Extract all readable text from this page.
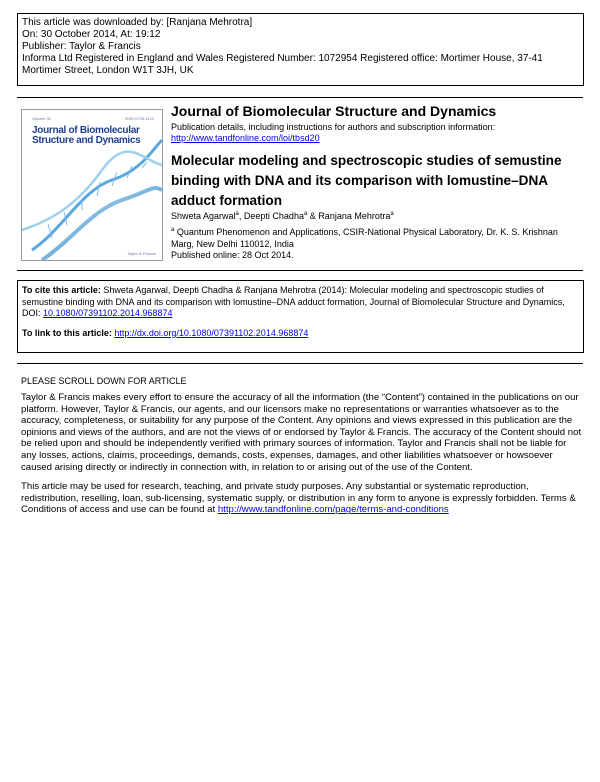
This article was downloaded by: [Ranjana Mehrotra]
On: 30 October 2014, At: 19:12
Publisher: Taylor & Francis
Informa Ltd Registered in England and Wales Registered Number: 1072954 Registered office: Mortimer House, 37-41 Mortimer Street, London W1T 3JH, UK
Volume 32	ISSN 0739-1102
Journal of Biomolecular
Structure and Dynamics
Taylor & Francis
Journal of Biomolecular Structure and Dynamics
Publication details, including instructions for authors and subscription information: http://www.tandfonline.com/loi/tbsd20
Molecular modeling and spectroscopic studies of semustine binding with DNA and its comparison with lomustine–DNA adduct formation
Shweta Agarwal$^a$, Deepti Chadha$^a$ & Ranjana Mehrotra$^a$
$^a$ Quantum Phenomenon and Applications, CSIR-National Physical Laboratory, Dr. K. S. Krishnan Marg, New Delhi 110012, India
Published online: 28 Oct 2014.
To cite this article: Shweta Agarwal, Deepti Chadha & Ranjana Mehrotra (2014): Molecular modeling and spectroscopic studies of semustine binding with DNA and its comparison with lomustine–DNA adduct formation, Journal of Biomolecular Structure and Dynamics, DOI: 10.1080/07391102.2014.968874
To link to this article: http://dx.doi.org/10.1080/07391102.2014.968874
PLEASE SCROLL DOWN FOR ARTICLE

Taylor & Francis makes every effort to ensure the accuracy of all the information (the “Content”) contained in the publications on our platform. However, Taylor & Francis, our agents, and our licensors make no representations or warranties whatsoever as to the accuracy, completeness, or suitability for any purpose of the Content. Any opinions and views expressed in this publication are the opinions and views of the authors, and are not the views of or endorsed by Taylor & Francis. The accuracy of the Content should not be relied upon and should be independently verified with primary sources of information. Taylor and Francis shall not be liable for any losses, actions, claims, proceedings, demands, costs, expenses, damages, and other liabilities whatsoever or howsoever caused arising directly or indirectly in connection with, in relation to or arising out of the use of the Content.

This article may be used for research, teaching, and private study purposes. Any substantial or systematic reproduction, redistribution, reselling, loan, sub-licensing, systematic supply, or distribution in any form to anyone is expressly forbidden. Terms & Conditions of access and use can be found at http://www.tandfonline.com/page/terms-and-conditions
